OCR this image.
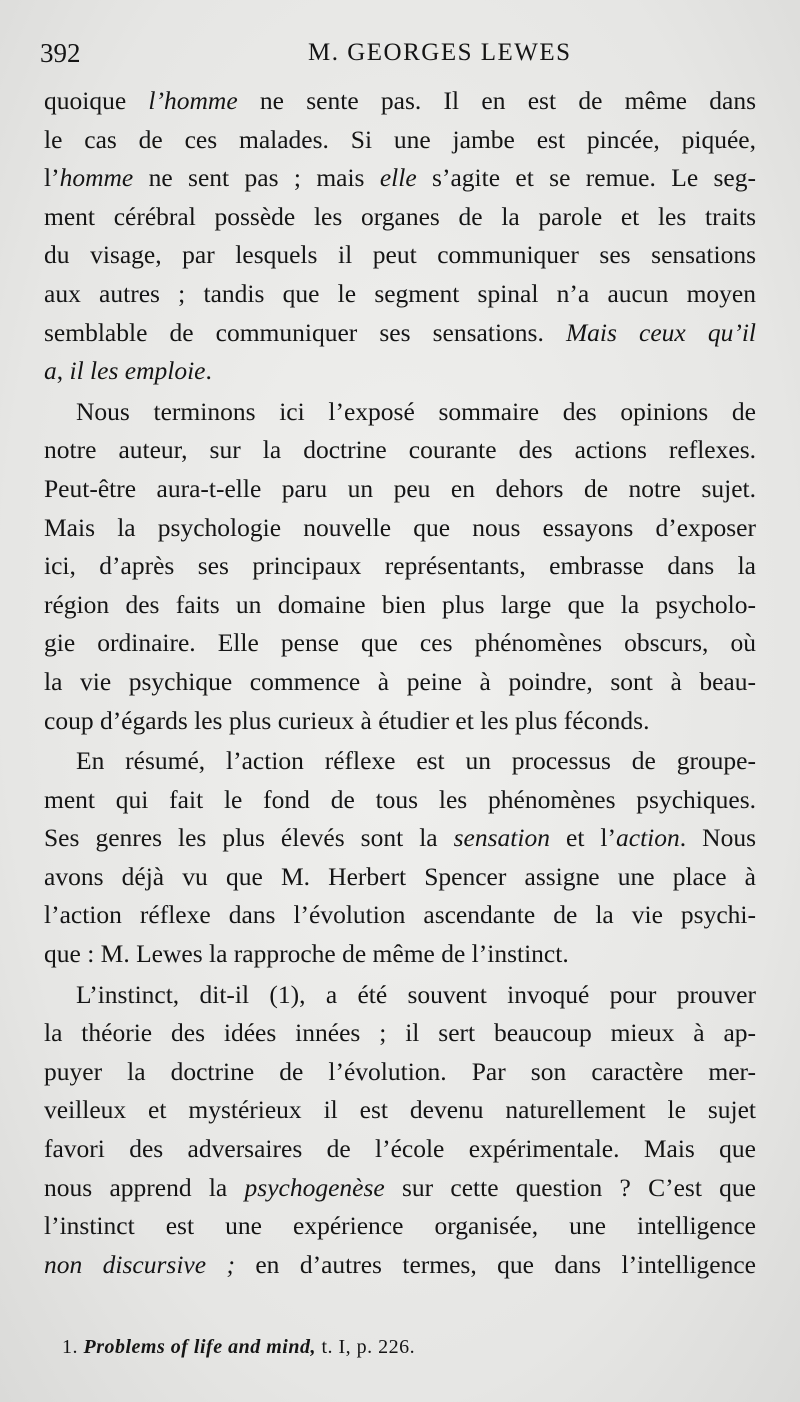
392	M. GEORGES LEWES
quoique l’homme ne sente pas. Il en est de même dans
le cas de ces malades. Si une jambe est pincée, piquée,
l’homme ne sent pas ; mais elle s’agite et se remue. Le seg-
ment cérébral possède les organes de la parole et les traits
du visage, par lesquels il peut communiquer ses sensations
aux autres ; tandis que le segment spinal n’a aucun moyen
semblable de communiquer ses sensations. Mais ceux qu’il
a, il les emploie.
Nous terminons ici l’exposé sommaire des opinions de
notre auteur, sur la doctrine courante des actions reflexes.
Peut-être aura-t-elle paru un peu en dehors de notre sujet.
Mais la psychologie nouvelle que nous essayons d’exposer
ici, d’après ses principaux représentants, embrasse dans la
région des faits un domaine bien plus large que la psycholo-
gie ordinaire. Elle pense que ces phénomènes obscurs, où
la vie psychique commence à peine à poindre, sont à beau-
coup d’égards les plus curieux à étudier et les plus féconds.
En résumé, l’action réflexe est un processus de groupe-
ment qui fait le fond de tous les phénomènes psychiques.
Ses genres les plus élevés sont la sensation et l’action. Nous
avons déjà vu que M. Herbert Spencer assigne une place à
l’action réflexe dans l’évolution ascendante de la vie psychi-
que : M. Lewes la rapproche de même de l’instinct.
L’instinct, dit-il (1), a été souvent invoqué pour prouver
la théorie des idées innées ; il sert beaucoup mieux à ap-
puyer la doctrine de l’évolution. Par son caractère mer-
veilleux et mystérieux il est devenu naturellement le sujet
favori des adversaires de l’école expérimentale. Mais que
nous apprend la psychogenèse sur cette question ? C’est que
l’instinct est une expérience organisée, une intelligence
non discursive ; en d’autres termes, que dans l’intelligence
1. Problems of life and mind, t. I, p. 226.
